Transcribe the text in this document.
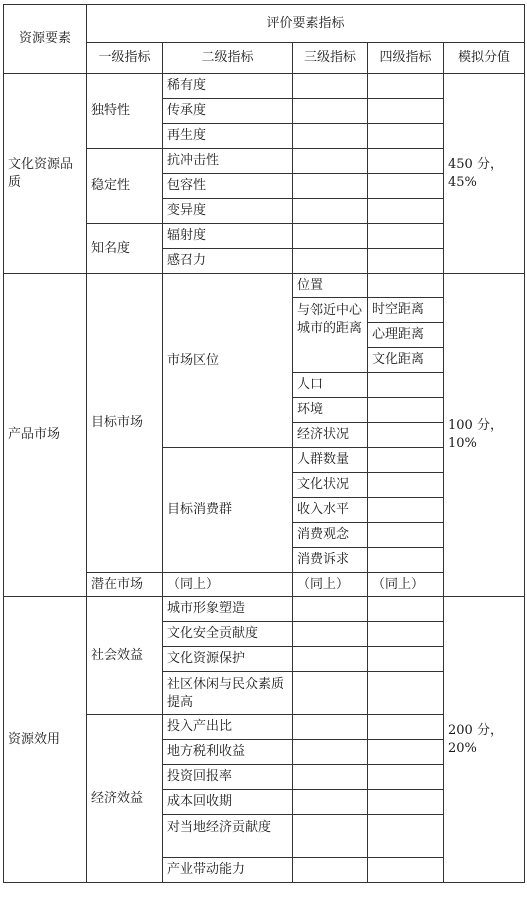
资源要素	评价要素指标				
	一级指标	二级指标	三级指标	四级指标	模拟分值
文化资源品质	独特性	稀有度			450 分，45%
		传承度			
		再生度			
	稳定性	抗冲击性			
		包容性			
		变异度			
	知名度	辐射度			
		感召力			
产品市场	目标市场	市场区位	位置		100 分，10%
			与邻近中心城市的距离	时空距离	
				心理距离	
				文化距离	
			人口		
			环境		
			经济状况		

		目标消费群	人群数量		
			文化状况		
			收入水平		
			消费观念		
			消费诉求		
	潜在市场	（同上）	（同上）	（同上）	
资源效用	社会效益	城市形象塑造			200 分，20%
		文化安全贡献度			
		文化资源保护			
		社区休闲与民众素质提高			
	经济效益	投入产出比			
		地方税利收益			
		投资回报率			
		成本回收期			
		对当地经济贡献度			
		产业带动能力			
